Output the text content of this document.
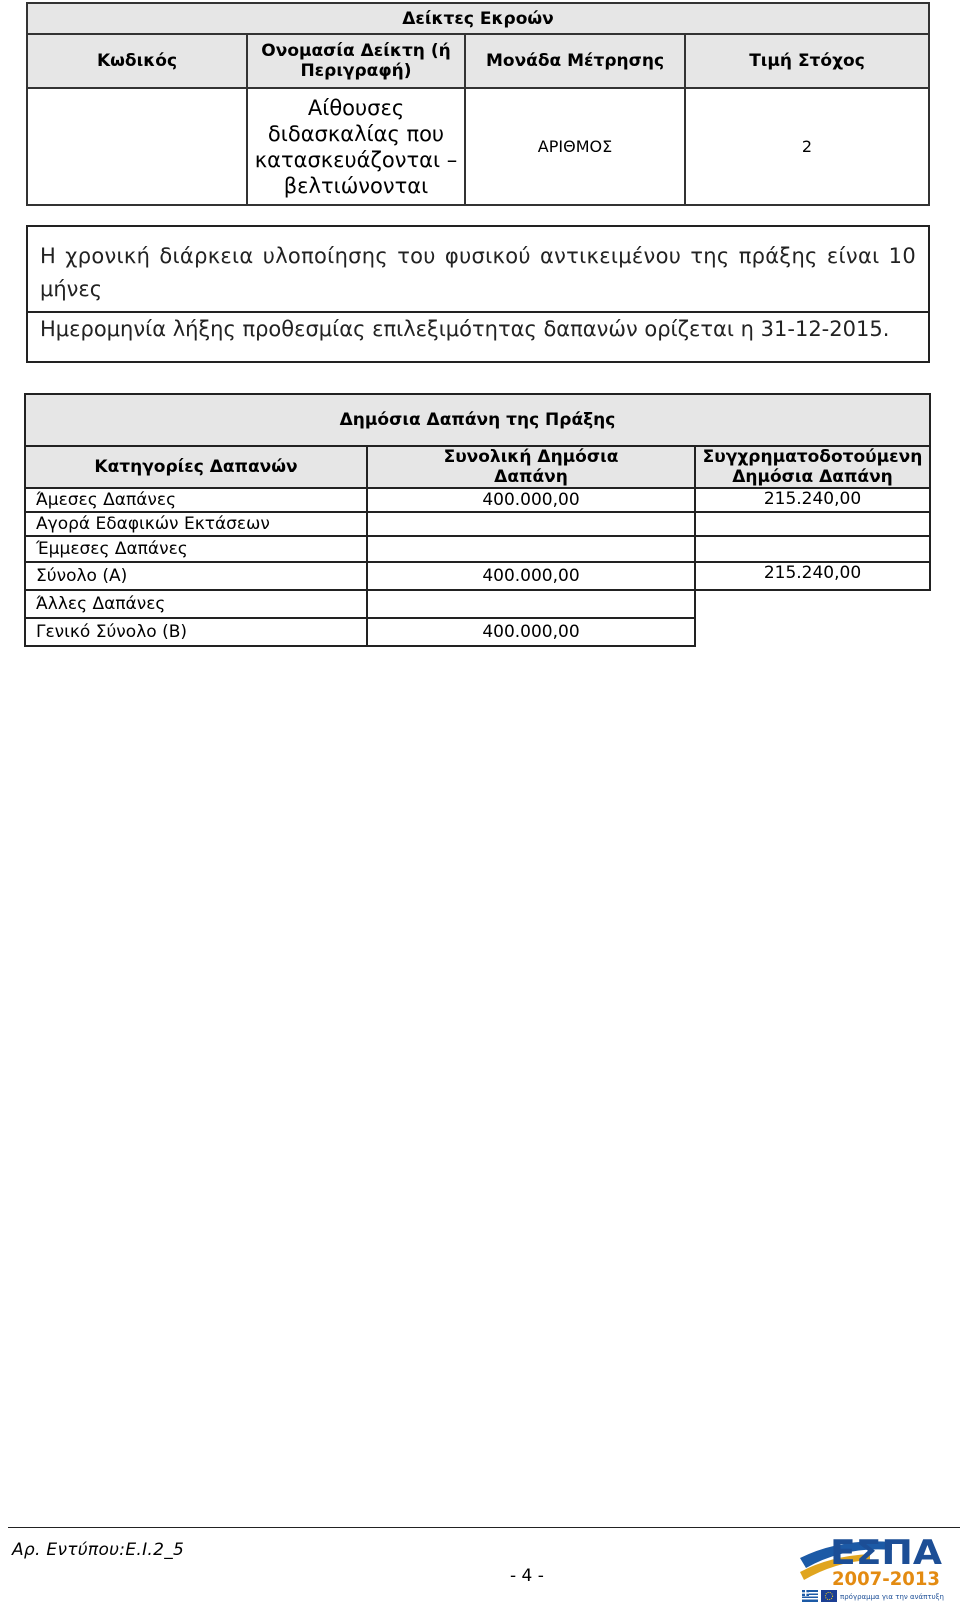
Δείκτες Εκροών			
Κωδικός	Ονομασία Δείκτη (ή Περιγραφή)	Μονάδα Μέτρησης	Τιμή Στόχος
	Αίθουσες διδασκαλίας που κατασκευάζονται – βελτιώνονται	ΑΡΙΘΜΟΣ	2
Η χρονική διάρκεια υλοποίησης του φυσικού αντικειμένου της πράξης είναι 10
μήνες
Ημερομηνία λήξης προθεσμίας επιλεξιμότητας δαπανών ορίζεται η 31-12-2015.
Δημόσια Δαπάνη της Πράξης		
Κατηγορίες Δαπανών	Συνολική Δημόσια Δαπάνη	Συγχρηματοδοτούμενη Δημόσια Δαπάνη
Άμεσες Δαπάνες	400.000,00	215.240,00
Αγορά Εδαφικών Εκτάσεων		
Έμμεσες Δαπάνες		
Σύνολο (Α)	400.000,00	215.240,00
Άλλες Δαπάνες		
Γενικό Σύνολο (Β)	400.000,00	
Αρ. Εντύπου:Ε.Ι.2_5
- 4 -
ΕΣΠΑ
2007-2013
πρόγραμμα για την ανάπτυξη
